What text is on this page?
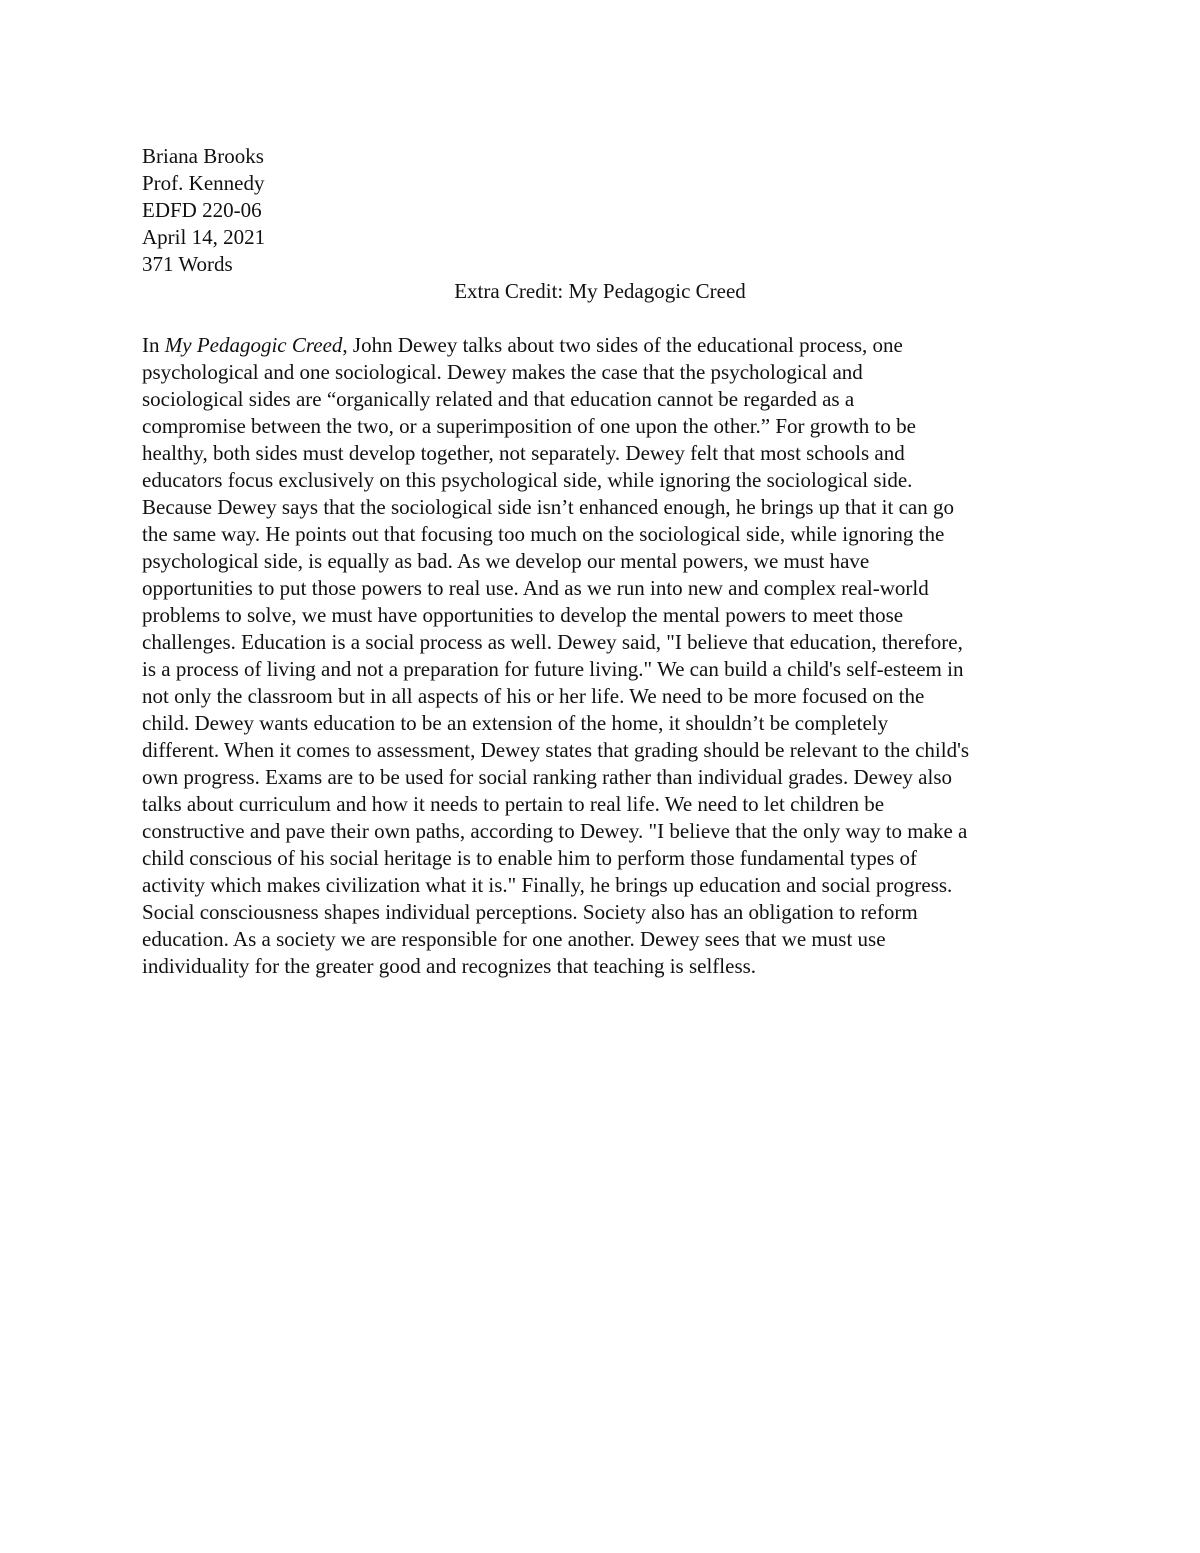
Briana Brooks
Prof. Kennedy
EDFD 220-06
April 14, 2021
371 Words
Extra Credit: My Pedagogic Creed
In My Pedagogic Creed, John Dewey talks about two sides of the educational process, one
psychological and one sociological. Dewey makes the case that the psychological and
sociological sides are “organically related and that education cannot be regarded as a
compromise between the two, or a superimposition of one upon the other.” For growth to be
healthy, both sides must develop together, not separately. Dewey felt that most schools and
educators focus exclusively on this psychological side, while ignoring the sociological side.
Because Dewey says that the sociological side isn’t enhanced enough, he brings up that it can go
the same way. He points out that focusing too much on the sociological side, while ignoring the
psychological side, is equally as bad. As we develop our mental powers, we must have
opportunities to put those powers to real use. And as we run into new and complex real-world
problems to solve, we must have opportunities to develop the mental powers to meet those
challenges. Education is a social process as well. Dewey said, "I believe that education, therefore,
is a process of living and not a preparation for future living." We can build a child's self-esteem in
not only the classroom but in all aspects of his or her life. We need to be more focused on the
child. Dewey wants education to be an extension of the home, it shouldn’t be completely
different. When it comes to assessment, Dewey states that grading should be relevant to the child's
own progress. Exams are to be used for social ranking rather than individual grades. Dewey also
talks about curriculum and how it needs to pertain to real life. We need to let children be
constructive and pave their own paths, according to Dewey. "I believe that the only way to make a
child conscious of his social heritage is to enable him to perform those fundamental types of
activity which makes civilization what it is." Finally, he brings up education and social progress.
Social consciousness shapes individual perceptions. Society also has an obligation to reform
education. As a society we are responsible for one another. Dewey sees that we must use
individuality for the greater good and recognizes that teaching is selfless.
